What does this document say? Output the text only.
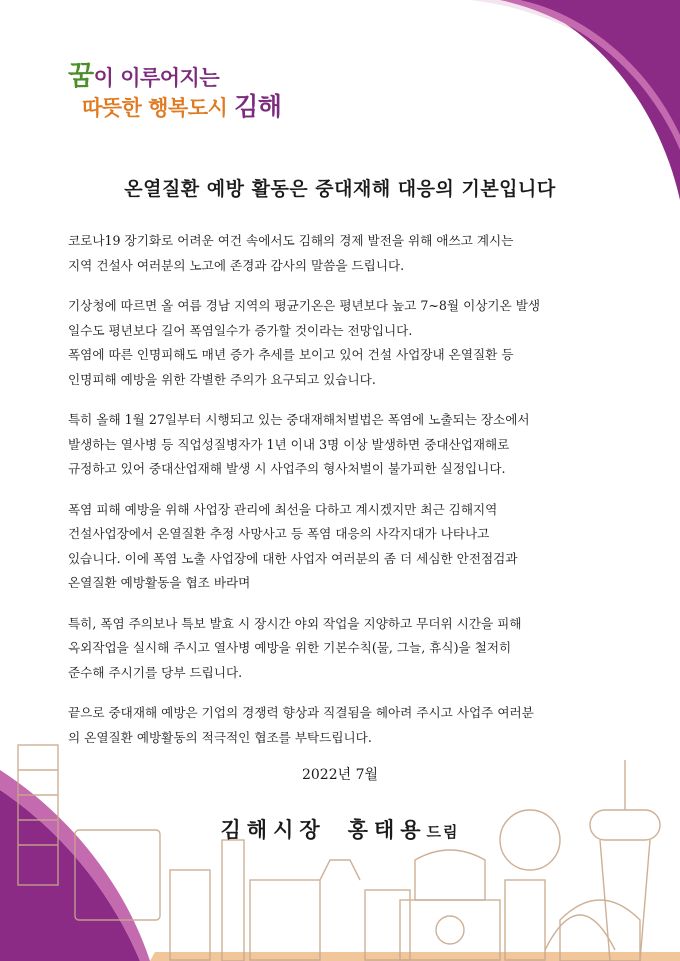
꿈이 이루어지는
따뜻한 행복도시 김해
온열질환 예방 활동은 중대재해 대응의 기본입니다
코로나19 장기화로 어려운 여건 속에서도 김해의 경제 발전을 위해 애쓰고 계시는
지역 건설사 여러분의 노고에 존경과 감사의 말씀을 드립니다.
기상청에 따르면 올 여름 경남 지역의 평균기온은 평년보다 높고 7~8월 이상기온 발생
일수도 평년보다 길어 폭염일수가 증가할 것이라는 전망입니다.
폭염에 따른 인명피해도 매년 증가 추세를 보이고 있어 건설 사업장내 온열질환 등
인명피해 예방을 위한 각별한 주의가 요구되고 있습니다.
특히 올해 1월 27일부터 시행되고 있는 중대재해처벌법은 폭염에 노출되는 장소에서
발생하는 열사병 등 직업성질병자가 1년 이내 3명 이상 발생하면 중대산업재해로
규정하고 있어 중대산업재해 발생 시 사업주의 형사처벌이 불가피한 실정입니다.
폭염 피해 예방을 위해 사업장 관리에 최선을 다하고 계시겠지만 최근 김해지역
건설사업장에서 온열질환 추정 사망사고 등 폭염 대응의 사각지대가 나타나고
있습니다. 이에 폭염 노출 사업장에 대한 사업자 여러분의 좀 더 세심한 안전점검과
온열질환 예방활동을 협조 바라며
특히, 폭염 주의보나 특보 발효 시 장시간 야외 작업을 지양하고 무더위 시간을 피해
옥외작업을 실시해 주시고 열사병 예방을 위한 기본수칙(물, 그늘, 휴식)을 철저히
준수해 주시기를 당부 드립니다.
끝으로 중대재해 예방은 기업의 경쟁력 향상과 직결됨을 헤아려 주시고 사업주 여러분
의 온열질환 예방활동의 적극적인 협조를 부탁드립니다.
2022년 7월
김해시장 홍태용드림
